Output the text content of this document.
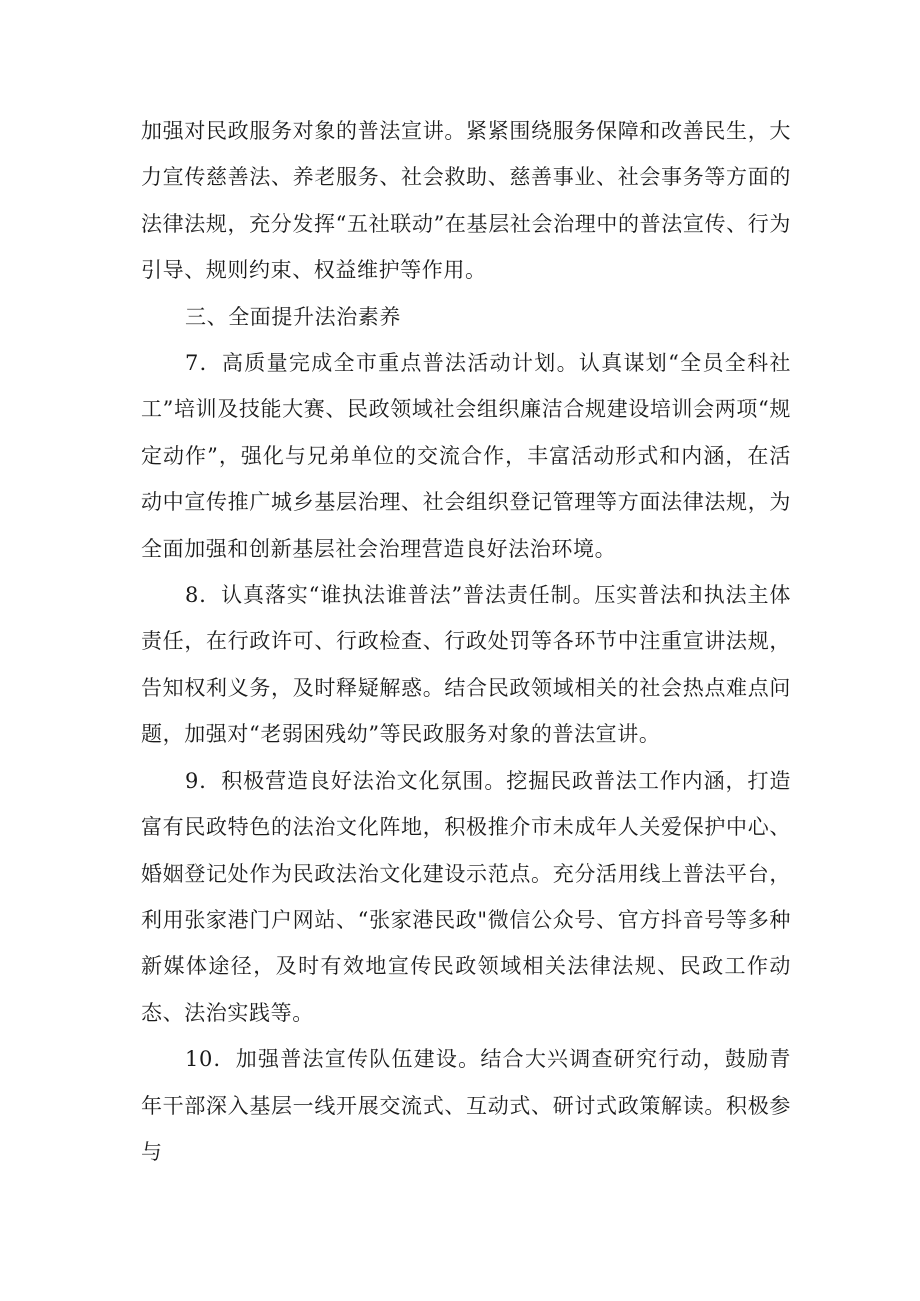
加强对民政服务对象的普法宣讲。紧紧围绕服务保障和改善民生，大力宣传慈善法、养老服务、社会救助、慈善事业、社会事务等方面的法律法规，充分发挥“五社联动”在基层社会治理中的普法宣传、行为引导、规则约束、权益维护等作用。

三、全面提升法治素养

7．高质量完成全市重点普法活动计划。认真谋划“全员全科社工”培训及技能大赛、民政领域社会组织廉洁合规建设培训会两项“规定动作”，强化与兄弟单位的交流合作，丰富活动形式和内涵，在活动中宣传推广城乡基层治理、社会组织登记管理等方面法律法规，为全面加强和创新基层社会治理营造良好法治环境。

8．认真落实“谁执法谁普法”普法责任制。压实普法和执法主体责任，在行政许可、行政检查、行政处罚等各环节中注重宣讲法规，告知权利义务，及时释疑解惑。结合民政领域相关的社会热点难点问题，加强对“老弱困残幼”等民政服务对象的普法宣讲。

9．积极营造良好法治文化氛围。挖掘民政普法工作内涵，打造富有民政特色的法治文化阵地，积极推介市未成年人关爱保护中心、婚姻登记处作为民政法治文化建设示范点。充分活用线上普法平台，利用张家港门户网站、“张家港民政"微信公众号、官方抖音号等多种新媒体途径，及时有效地宣传民政领域相关法律法规、民政工作动态、法治实践等。

10．加强普法宣传队伍建设。结合大兴调查研究行动，鼓励青年干部深入基层一线开展交流式、互动式、研讨式政策解读。积极参与
